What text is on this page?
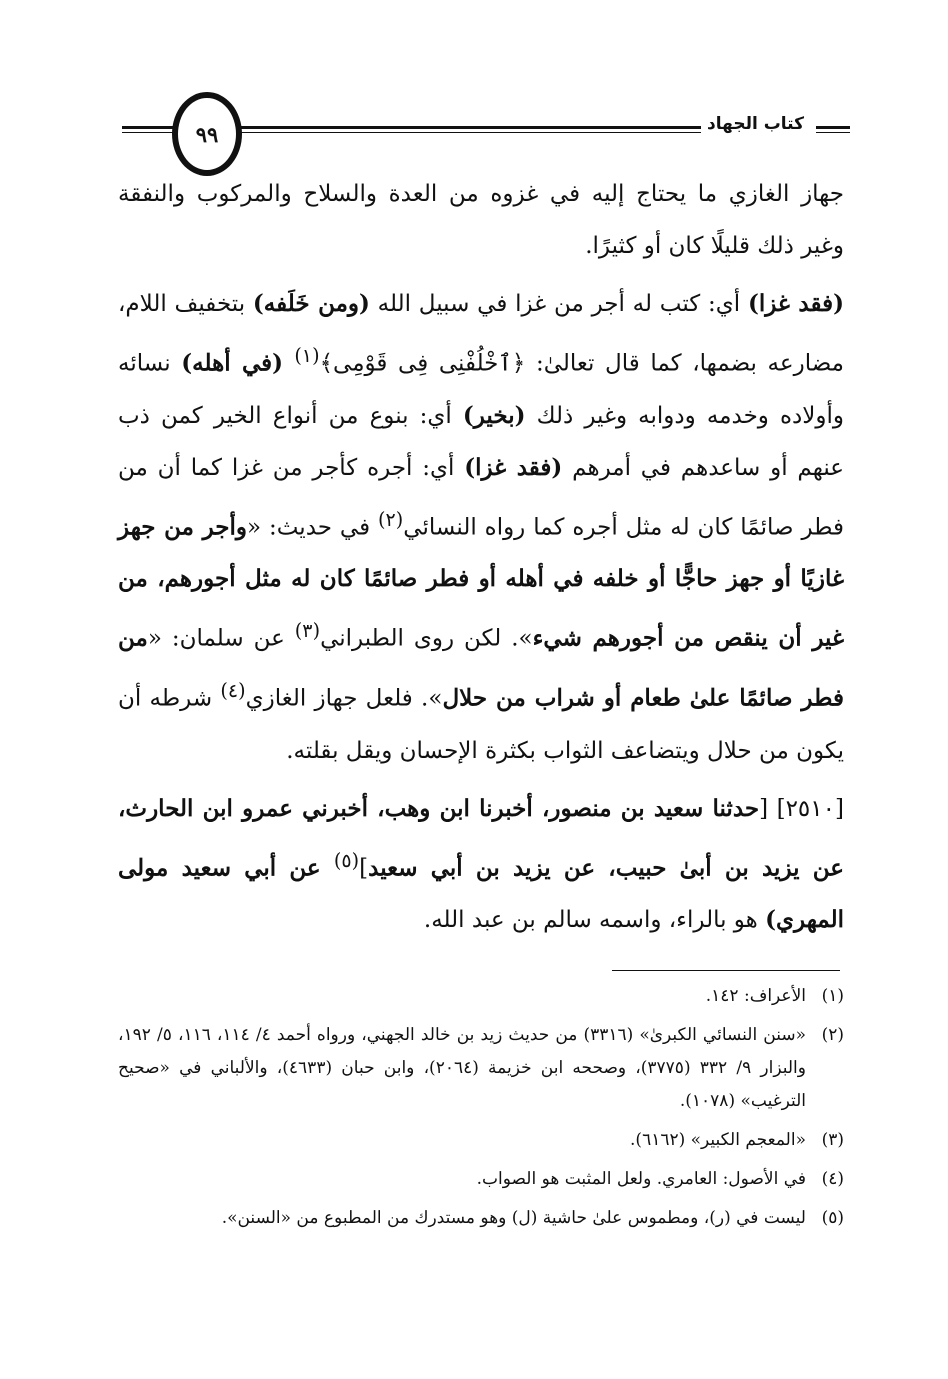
٩٩	كتاب الجهاد

جهاز الغازي ما يحتاج إليه في غزوه من العدة والسلاح والمركوب والنفقة وغير ذلك قليلًا كان أو كثيرًا.

(فقد غزا) أي: كتب له أجر من غزا في سبيل الله (ومن خَلَفه) بتخفيف اللام، مضارعه بضمها، كما قال تعالىٰ: ﴿ٱخْلُفْنِى فِى قَوْمِى﴾$^{(١)}$ (في أهله) نسائه وأولاده وخدمه ودوابه وغير ذلك (بخير) أي: بنوع من أنواع الخير كمن ذب عنهم أو ساعدهم في أمرهم (فقد غزا) أي: أجره كأجر من غزا كما أن من فطر صائمًا كان له مثل أجره كما رواه النسائي$^{(٢)}$ في حديث: «وأجر من جهز غازيًا أو جهز حاجًّا أو خلفه في أهله أو فطر صائمًا كان له مثل أجورهم، من غير أن ينقص من أجورهم شيء». لكن روى الطبراني$^{(٣)}$ عن سلمان: «من فطر صائمًا علىٰ طعام أو شراب من حلال». فلعل جهاز الغازي$^{(٤)}$ شرطه أن يكون من حلال ويتضاعف الثواب بكثرة الإحسان ويقل بقلته.

[٢٥١٠] [حدثنا سعيد بن منصور، أخبرنا ابن وهب، أخبرني عمرو ابن الحارث، عن يزيد بن أبىٰ حبيب، عن يزيد بن أبي سعيد]$^{(٥)}$ عن أبي سعيد مولى المهري) هو بالراء، واسمه سالم بن عبد الله.

(١)
الأعراف: ١٤٢.
(٢)
«سنن النسائي الكبرىٰ» (٣٣١٦) من حديث زيد بن خالد الجهني، ورواه أحمد ٤/ ١١٤، ١١٦، ٥/ ١٩٢، والبزار ٩/ ٣٣٢ (٣٧٧٥)، وصححه ابن خزيمة (٢٠٦٤)، وابن حبان (٤٦٣٣)، والألباني في «صحيح الترغيب» (١٠٧٨).
(٣)
«المعجم الكبير» (٦١٦٢).
(٤)
في الأصول: العامري. ولعل المثبت هو الصواب.
(٥)
ليست في (ر)، ومطموس علىٰ حاشية (ل) وهو مستدرك من المطبوع من «السنن».
